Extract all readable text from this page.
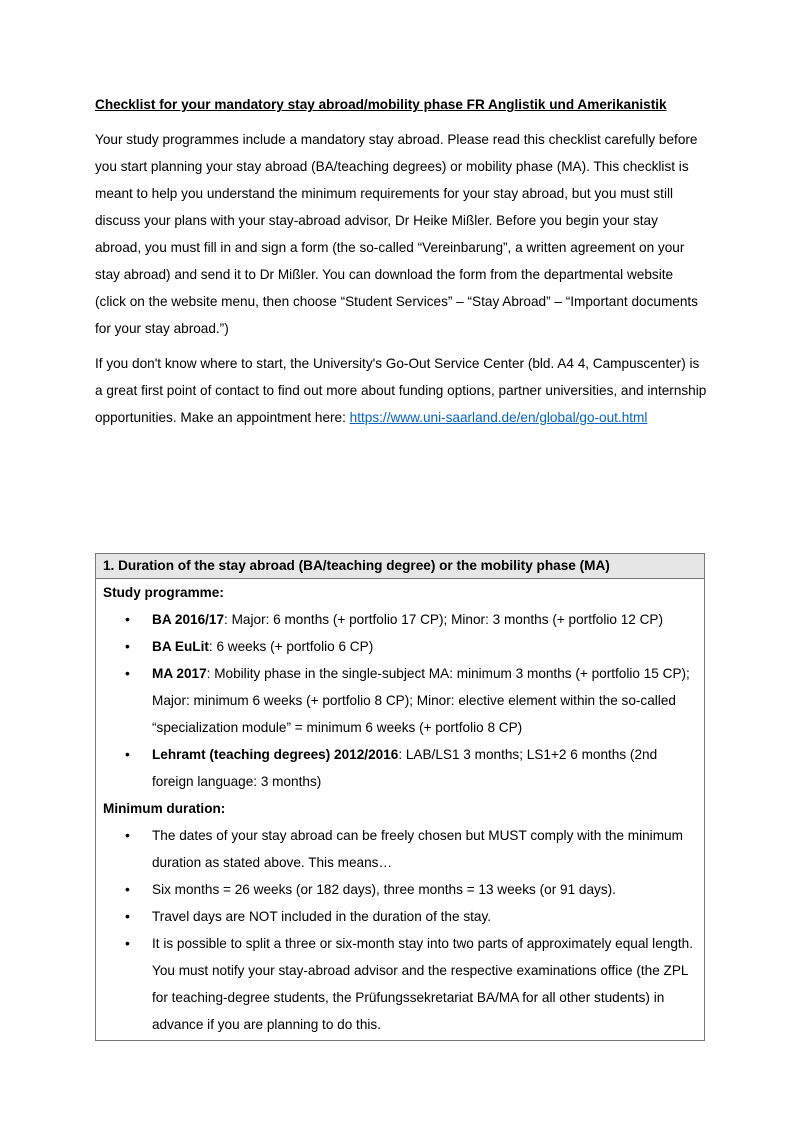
Checklist for your mandatory stay abroad/mobility phase FR Anglistik und Amerikanistik

Your study programmes include a mandatory stay abroad. Please read this checklist carefully before you start planning your stay abroad (BA/teaching degrees) or mobility phase (MA). This checklist is meant to help you understand the minimum requirements for your stay abroad, but you must still discuss your plans with your stay-abroad advisor, Dr Heike Mißler. Before you begin your stay abroad, you must fill in and sign a form (the so-called “Vereinbarung”, a written agreement on your stay abroad) and send it to Dr Mißler. You can download the form from the departmental website (click on the website menu, then choose “Student Services” – “Stay Abroad” – “Important documents for your stay abroad.”)

If you don't know where to start, the University's Go-Out Service Center (bld. A4 4, Campuscenter) is a great first point of contact to find out more about funding options, partner universities, and internship opportunities. Make an appointment here: https://www.uni-saarland.de/en/global/go-out.html

1. Duration of the stay abroad (BA/teaching degree) or the mobility phase (MA)
Study programme:
• BA 2016/17: Major: 6 months (+ portfolio 17 CP); Minor: 3 months (+ portfolio 12 CP)
• BA EuLit: 6 weeks (+ portfolio 6 CP)
• MA 2017: Mobility phase in the single-subject MA: minimum 3 months (+ portfolio 15 CP); Major: minimum 6 weeks (+ portfolio 8 CP); Minor: elective element within the so-called “specialization module” = minimum 6 weeks (+ portfolio 8 CP)
• Lehramt (teaching degrees) 2012/2016: LAB/LS1 3 months; LS1+2 6 months (2nd foreign language: 3 months)
Minimum duration:
• The dates of your stay abroad can be freely chosen but MUST comply with the minimum duration as stated above. This means…
• Six months = 26 weeks (or 182 days), three months = 13 weeks (or 91 days).
• Travel days are NOT included in the duration of the stay.
• It is possible to split a three or six-month stay into two parts of approximately equal length. You must notify your stay-abroad advisor and the respective examinations office (the ZPL for teaching-degree students, the Prüfungssekretariat BA/MA for all other students) in advance if you are planning to do this.
